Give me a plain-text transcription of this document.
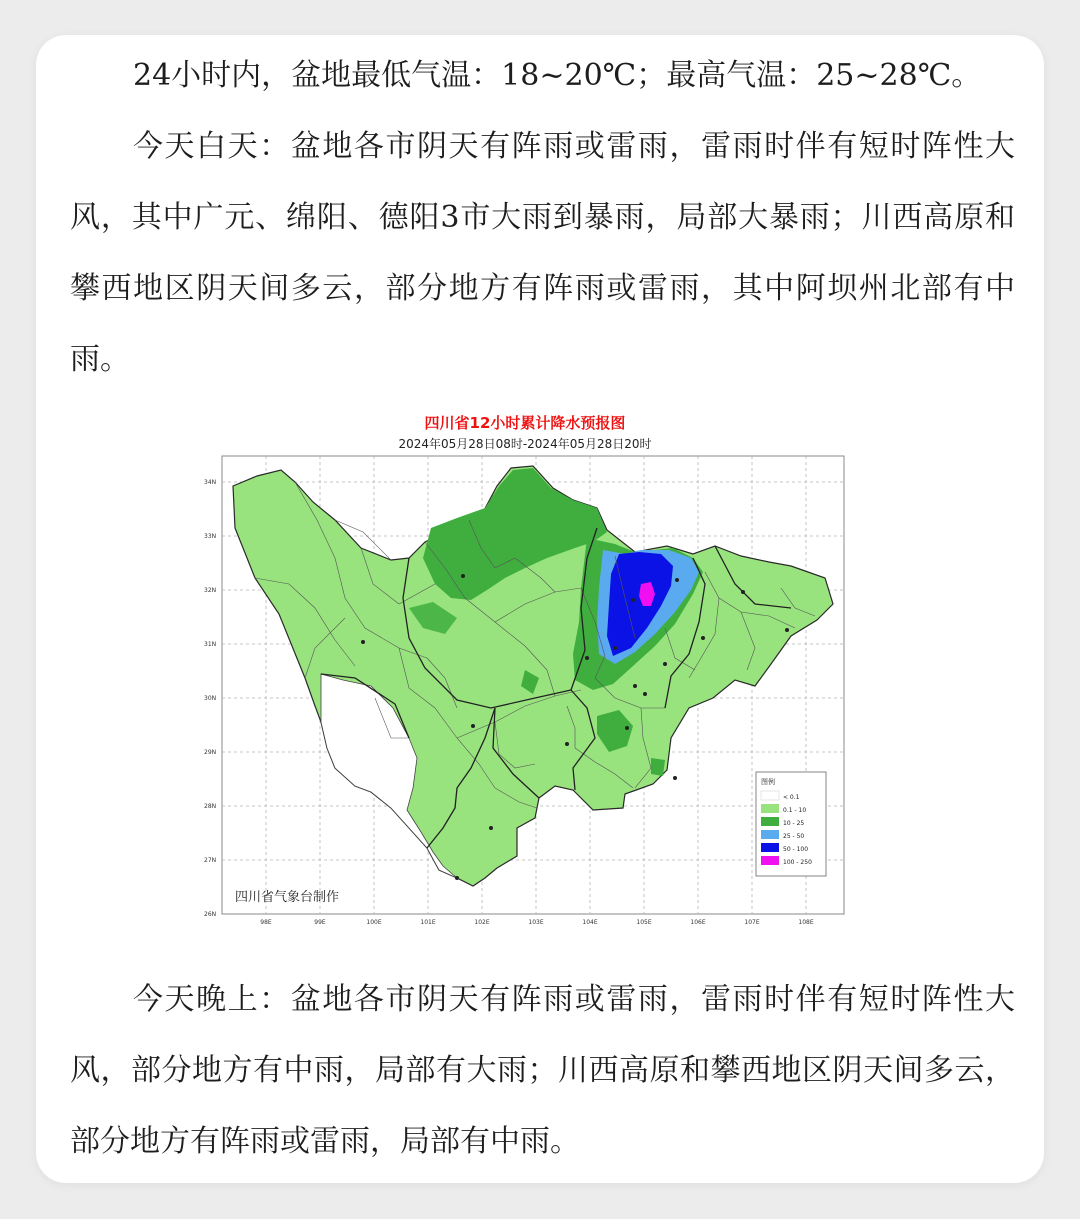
24小时内，盆地最低气温：18~20℃；最高气温：25~28℃。

今天白天：盆地各市阴天有阵雨或雷雨，雷雨时伴有短时阵性大风，其中广元、绵阳、德阳3市大雨到暴雨，局部大暴雨；川西高原和攀西地区阴天间多云，部分地方有阵雨或雷雨，其中阿坝州北部有中雨。

四川省12小时累计降水预报图
2024年05月28日08时-2024年05月28日20时
34N
33N
32N
31N
30N
29N
28N
27N
26N
98E	99E	100E	101E	102E	103E	104E	105E	106E	107E	108E
图例
< 0.1
0.1 - 10
10 - 25
25 - 50
50 - 100
100 - 250
四川省气象台制作

今天晚上：盆地各市阴天有阵雨或雷雨，雷雨时伴有短时阵性大风，部分地方有中雨，局部有大雨；川西高原和攀西地区阴天间多云，部分地方有阵雨或雷雨，局部有中雨。
